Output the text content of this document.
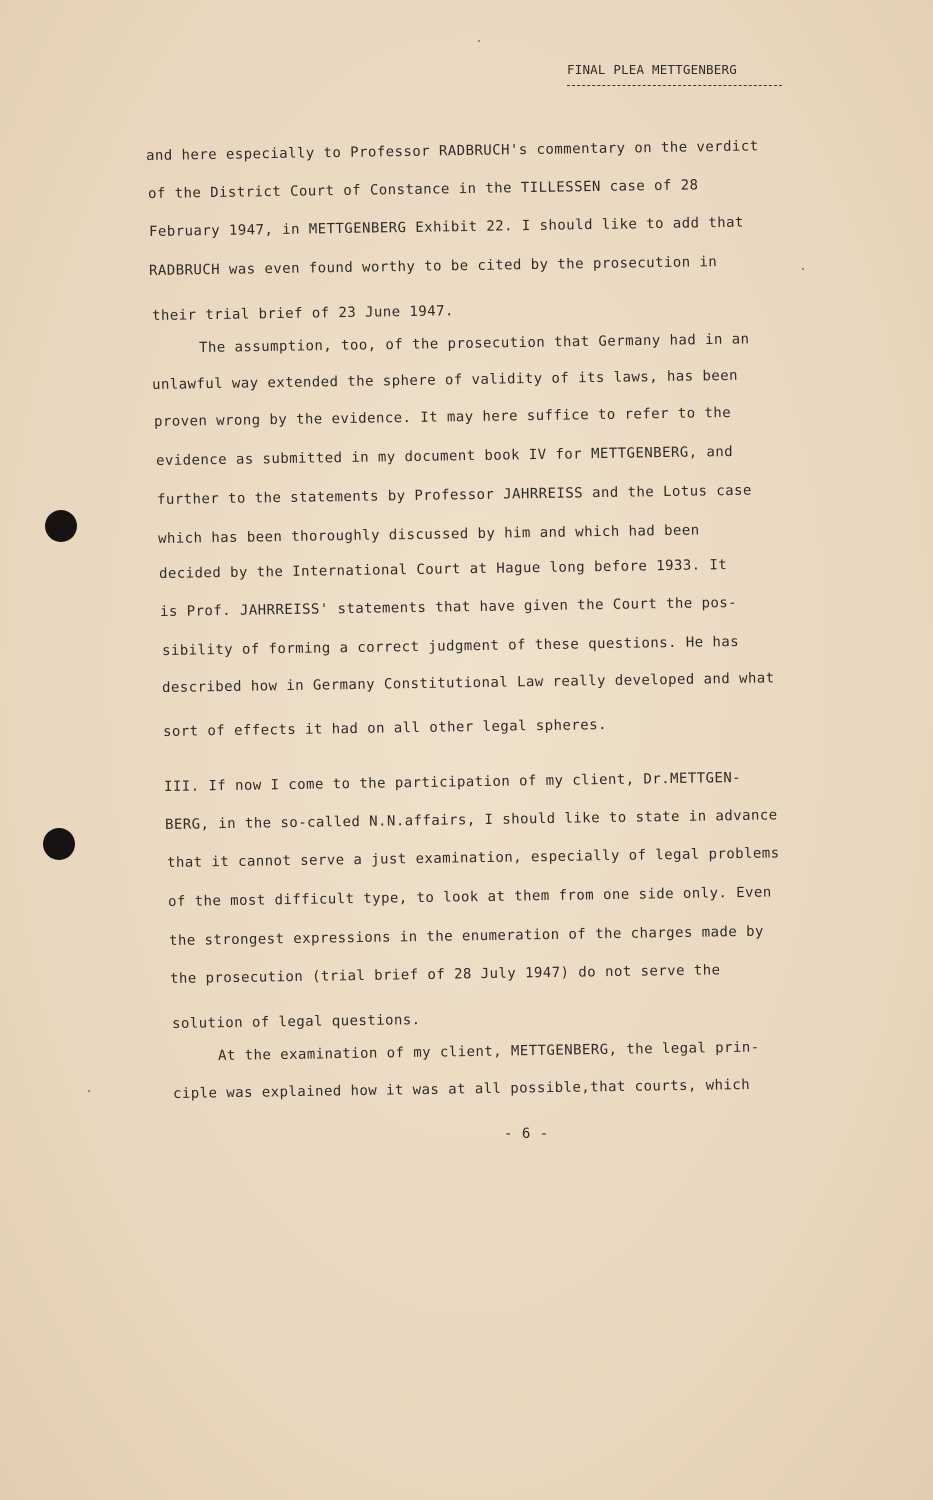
FINAL PLEA METTGENBERG
and here especially to Professor RADBRUCH's commentary on the verdict
of the District Court of Constance in the TILLESSEN case of 28
February 1947, in METTGENBERG Exhibit 22. I should like to add that
RADBRUCH was even found worthy to be cited by the prosecution in
their trial brief of 23 June 1947.
The assumption, too, of the prosecution that Germany had in an
unlawful way extended the sphere of validity of its laws, has been
proven wrong by the evidence. It may here suffice to refer to the
evidence as submitted in my document book IV for METTGENBERG, and
further to the statements by Professor JAHRREISS and the Lotus case
which has been thoroughly discussed by him and which had been
decided by the International Court at Hague long before 1933. It
is Prof. JAHRREISS' statements that have given the Court the pos-
sibility of forming a correct judgment of these questions. He has
described how in Germany Constitutional Law really developed and what
sort of effects it had on all other legal spheres.
III. If now I come to the participation of my client, Dr.METTGEN-
BERG, in the so-called N.N.affairs, I should like to state in advance
that it cannot serve a just examination, especially of legal problems
of the most difficult type, to look at them from one side only. Even
the strongest expressions in the enumeration of the charges made by
the prosecution (trial brief of 28 July 1947) do not serve the
solution of legal questions.
At the examination of my client, METTGENBERG, the legal prin-
ciple was explained how it was at all possible,that courts, which
- 6 -
